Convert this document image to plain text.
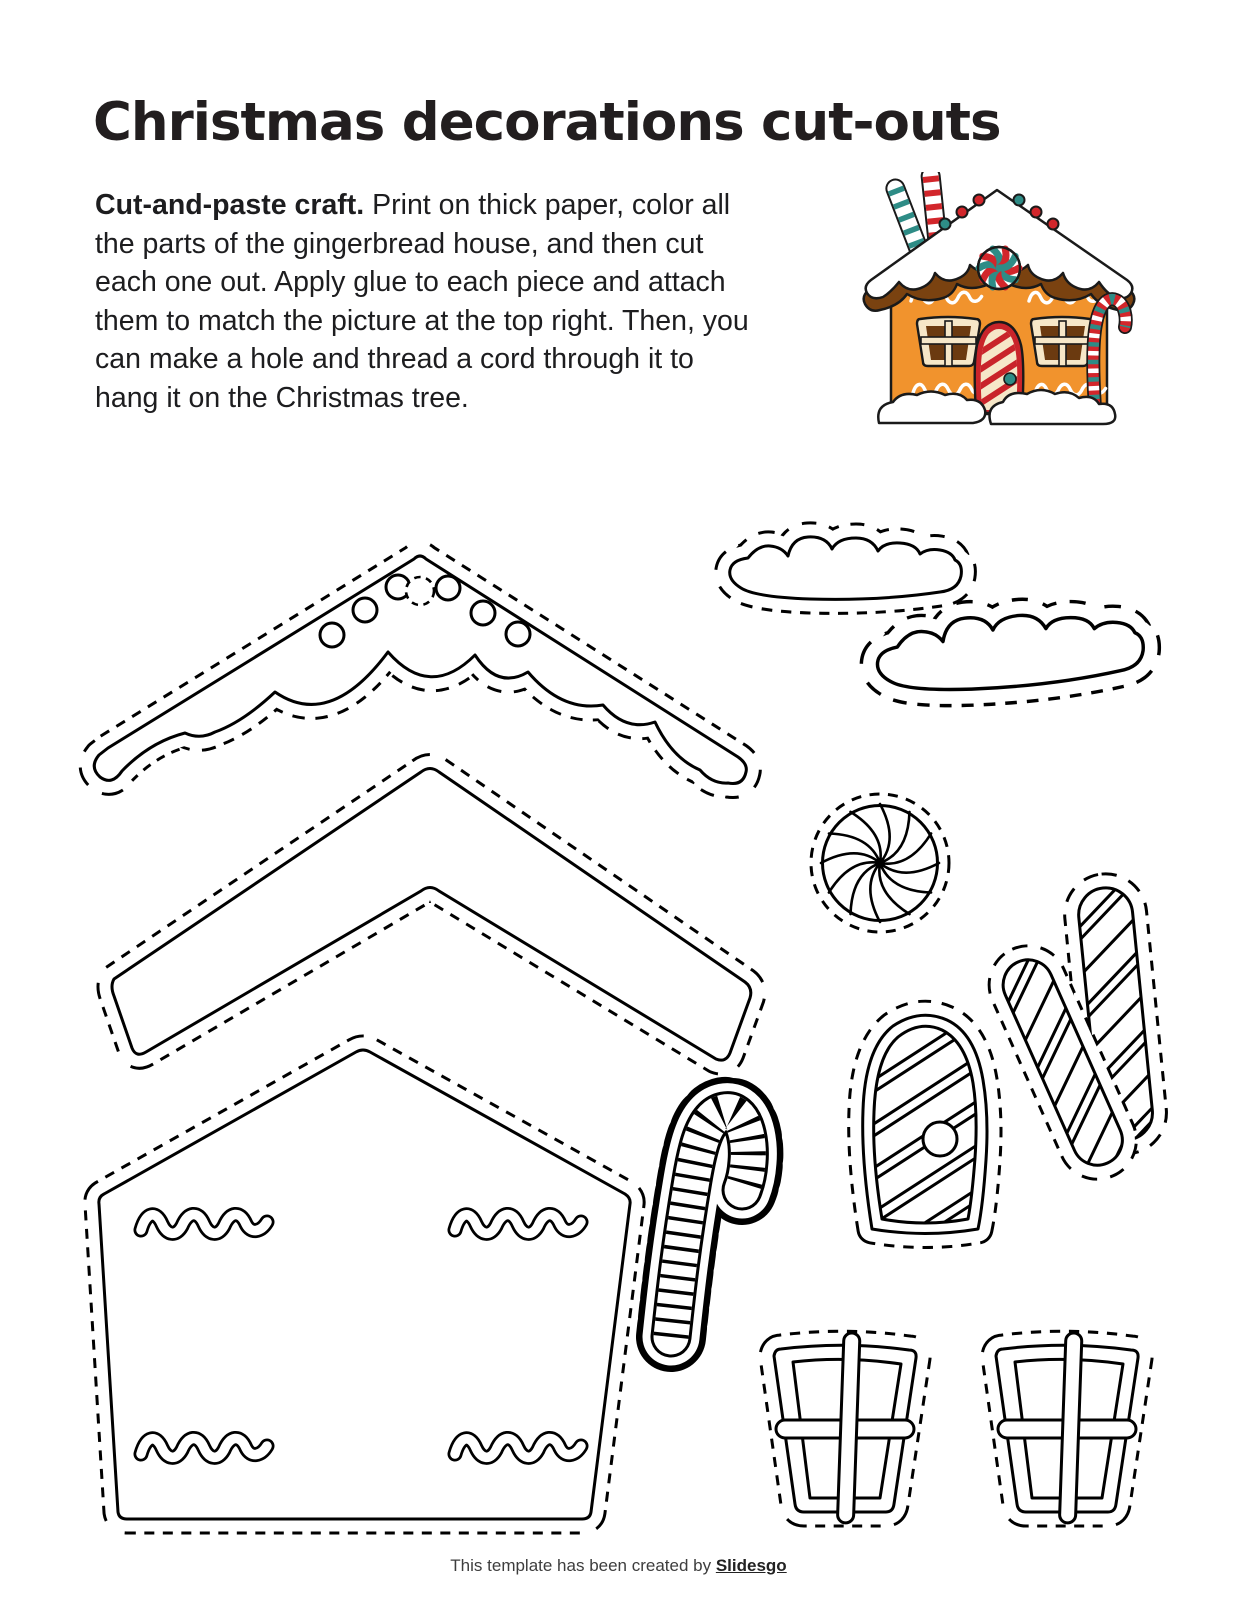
Christmas decorations cut-outs

Cut-and-paste craft. Print on thick paper, color all the parts of the gingerbread house, and then cut each one out. Apply glue to each piece and attach them to match the picture at the top right. Then, you can make a hole and thread a cord through it to hang it on the Christmas tree.

This template has been created by Slidesgo
